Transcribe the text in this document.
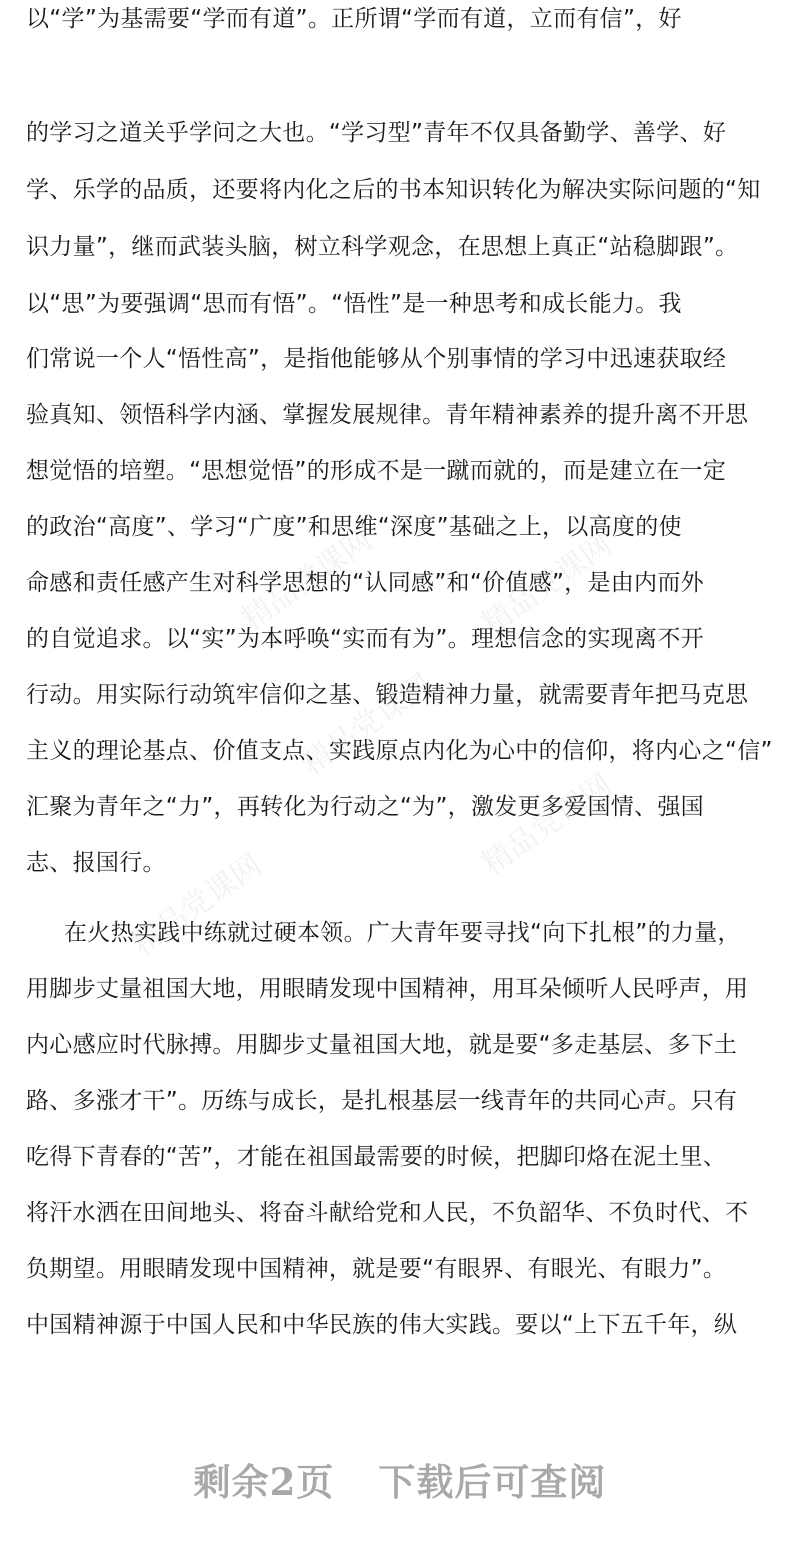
精品党课网	精品党课网
精品党课网
精品党课网
精品党课网
以“学”为基需要“学而有道”。正所谓“学而有道，立而有信”，好
的学习之道关乎学问之大也。“学习型”青年不仅具备勤学、善学、好
学、乐学的品质，还要将内化之后的书本知识转化为解决实际问题的“知
识力量”，继而武装头脑，树立科学观念，在思想上真正“站稳脚跟”。
以“思”为要强调“思而有悟”。“悟性”是一种思考和成长能力。我
们常说一个人“悟性高”，是指他能够从个别事情的学习中迅速获取经
验真知、领悟科学内涵、掌握发展规律。青年精神素养的提升离不开思
想觉悟的培塑。“思想觉悟”的形成不是一蹴而就的，而是建立在一定
的政治“高度”、学习“广度”和思维“深度”基础之上，以高度的使
命感和责任感产生对科学思想的“认同感”和“价值感”，是由内而外
的自觉追求。以“实”为本呼唤“实而有为”。理想信念的实现离不开
行动。用实际行动筑牢信仰之基、锻造精神力量，就需要青年把马克思
主义的理论基点、价值支点、实践原点内化为心中的信仰，将内心之“信”
汇聚为青年之“力”，再转化为行动之“为”，激发更多爱国情、强国
志、报国行。
在火热实践中练就过硬本领。广大青年要寻找“向下扎根”的力量，
用脚步丈量祖国大地，用眼睛发现中国精神，用耳朵倾听人民呼声，用
内心感应时代脉搏。用脚步丈量祖国大地，就是要“多走基层、多下土
路、多涨才干”。历练与成长，是扎根基层一线青年的共同心声。只有
吃得下青春的“苦”，才能在祖国最需要的时候，把脚印烙在泥土里、
将汗水洒在田间地头、将奋斗献给党和人民，不负韶华、不负时代、不
负期望。用眼睛发现中国精神，就是要“有眼界、有眼光、有眼力”。
中国精神源于中国人民和中华民族的伟大实践。要以“上下五千年，纵
剩余2页 下载后可查阅
